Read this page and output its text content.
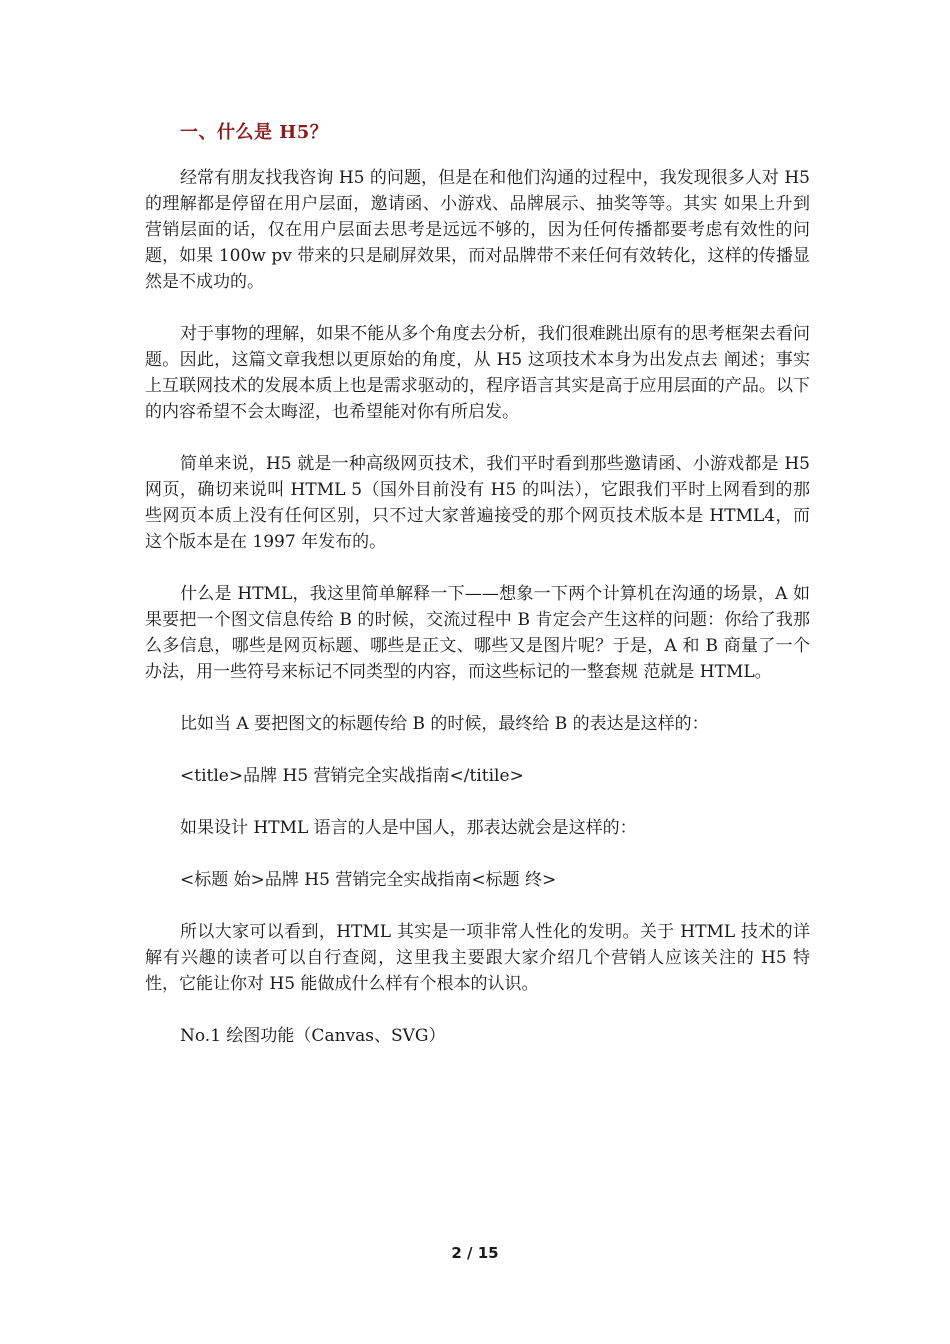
一、什么是 H5？

经常有朋友找我咨询 H5 的问题，但是在和他们沟通的过程中，我发现很多人对 H5 的理解都是停留在用户层面，邀请函、小游戏、品牌展示、抽奖等等。其实 如果上升到营销层面的话，仅在用户层面去思考是远远不够的，因为任何传播都要考虑有效性的问题，如果 100w pv 带来的只是刷屏效果，而对品牌带不来任何有效转化，这样的传播显然是不成功的。

对于事物的理解，如果不能从多个角度去分析，我们很难跳出原有的思考框架去看问题。因此，这篇文章我想以更原始的角度，从 H5 这项技术本身为出发点去 阐述；事实上互联网技术的发展本质上也是需求驱动的，程序语言其实是高于应用层面的产品。以下的内容希望不会太晦涩，也希望能对你有所启发。

简单来说，H5 就是一种高级网页技术，我们平时看到那些邀请函、小游戏都是 H5 网页，确切来说叫 HTML 5（国外目前没有 H5 的叫法），它跟我们平时上网看到的那些网页本质上没有任何区别，只不过大家普遍接受的那个网页技术版本是 HTML4，而这个版本是在 1997 年发布的。

什么是 HTML，我这里简单解释一下——想象一下两个计算机在沟通的场景，A 如果要把一个图文信息传给 B 的时候，交流过程中 B 肯定会产生这样的问题：你给了我那么多信息，哪些是网页标题、哪些是正文、哪些又是图片呢？于是，A 和 B 商量了一个办法，用一些符号来标记不同类型的内容，而这些标记的一整套规 范就是 HTML。

比如当 A 要把图文的标题传给 B 的时候，最终给 B 的表达是这样的：

<title>品牌 H5 营销完全实战指南</titile>

如果设计 HTML 语言的人是中国人，那表达就会是这样的：

<标题 始>品牌 H5 营销完全实战指南<标题 终>

所以大家可以看到，HTML 其实是一项非常人性化的发明。关于 HTML 技术的详解有兴趣的读者可以自行查阅，这里我主要跟大家介绍几个营销人应该关注的 H5 特性，它能让你对 H5 能做成什么样有个根本的认识。

No.1 绘图功能（Canvas、SVG）

2 / 15
